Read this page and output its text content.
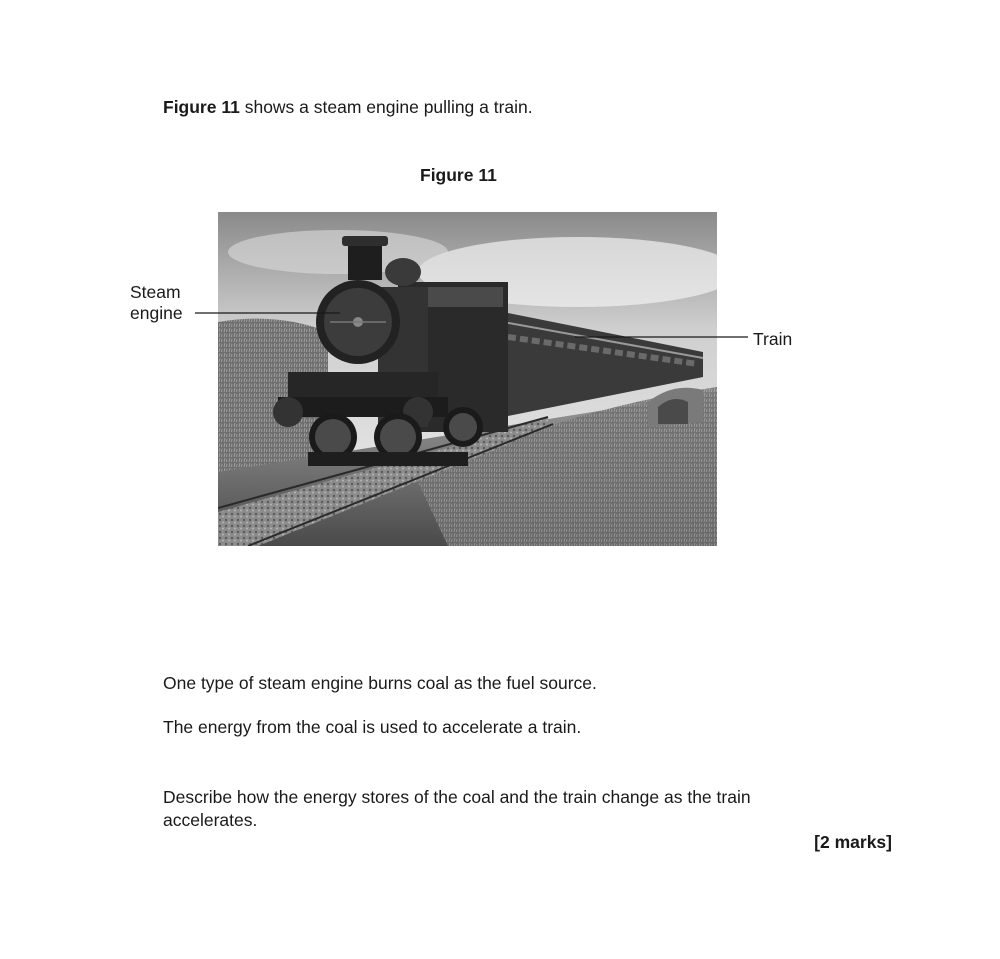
Figure 11 shows a steam engine pulling a train.
Figure 11
Steam
engine
Train
One type of steam engine burns coal as the fuel source.
The energy from the coal is used to accelerate a train.
Describe how the energy stores of the coal and the train change as the train accelerates.
[2 marks]
